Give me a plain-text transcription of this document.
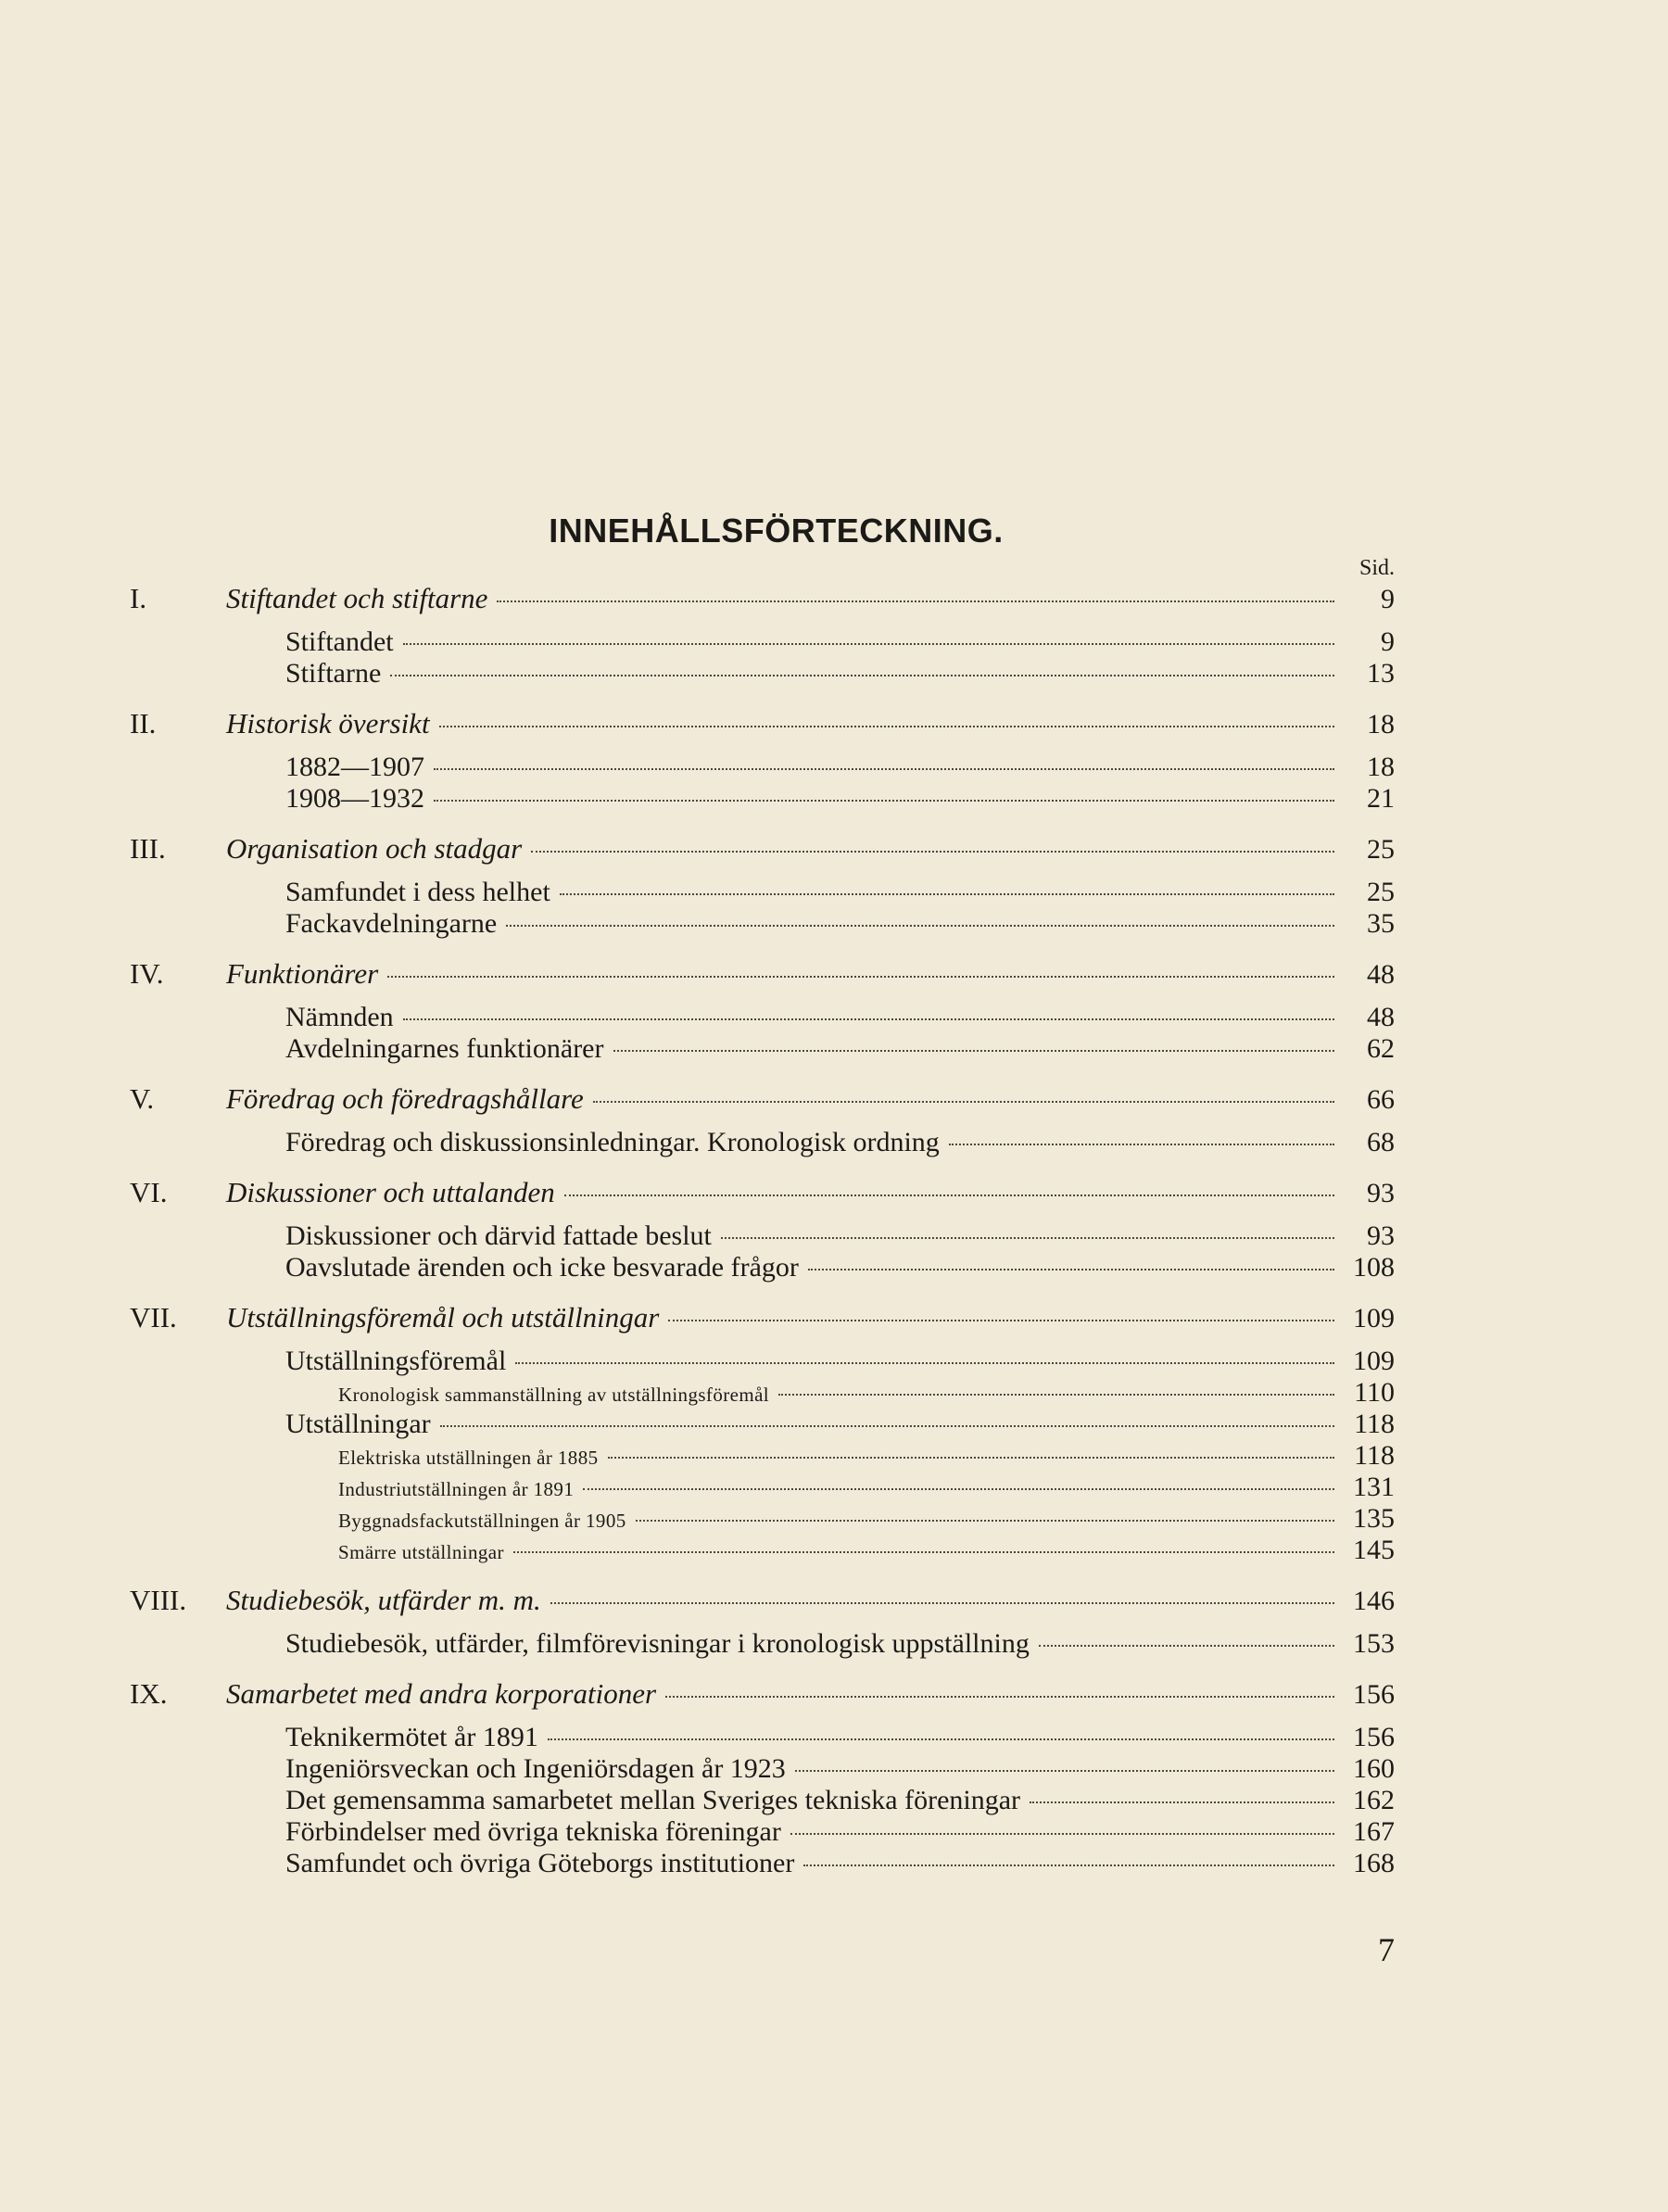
INNEHÅLLSFÖRTECKNING.
Sid.
I.	Stiftandet och stiftarne	9
Stiftandet	9
Stiftarne	13
II.	Historisk översikt	18
1882—1907	18
1908—1932	21
III.	Organisation och stadgar	25
Samfundet i dess helhet	25
Fackavdelningarne	35
IV.	Funktionärer	48
Nämnden	48
Avdelningarnes funktionärer	62
V.	Föredrag och föredragshållare	66
Föredrag och diskussionsinledningar. Kronologisk ordning	68
VI.	Diskussioner och uttalanden	93
Diskussioner och därvid fattade beslut	93
Oavslutade ärenden och icke besvarade frågor	108
VII.	Utställningsföremål och utställningar	109
Utställningsföremål	109
Kronologisk sammanställning av utställningsföremål	110
Utställningar	118
Elektriska utställningen år 1885	118
Industriutställningen år 1891	131
Byggnadsfackutställningen år 1905	135
Smärre utställningar	145
VIII.	Studiebesök, utfärder m. m.	146
Studiebesök, utfärder, filmförevisningar i kronologisk uppställning	153
IX.	Samarbetet med andra korporationer	156
Teknikermötet år 1891	156
Ingeniörsveckan och Ingeniörsdagen år 1923	160
Det gemensamma samarbetet mellan Sveriges tekniska föreningar	162
Förbindelser med övriga tekniska föreningar	167
Samfundet och övriga Göteborgs institutioner	168
7
